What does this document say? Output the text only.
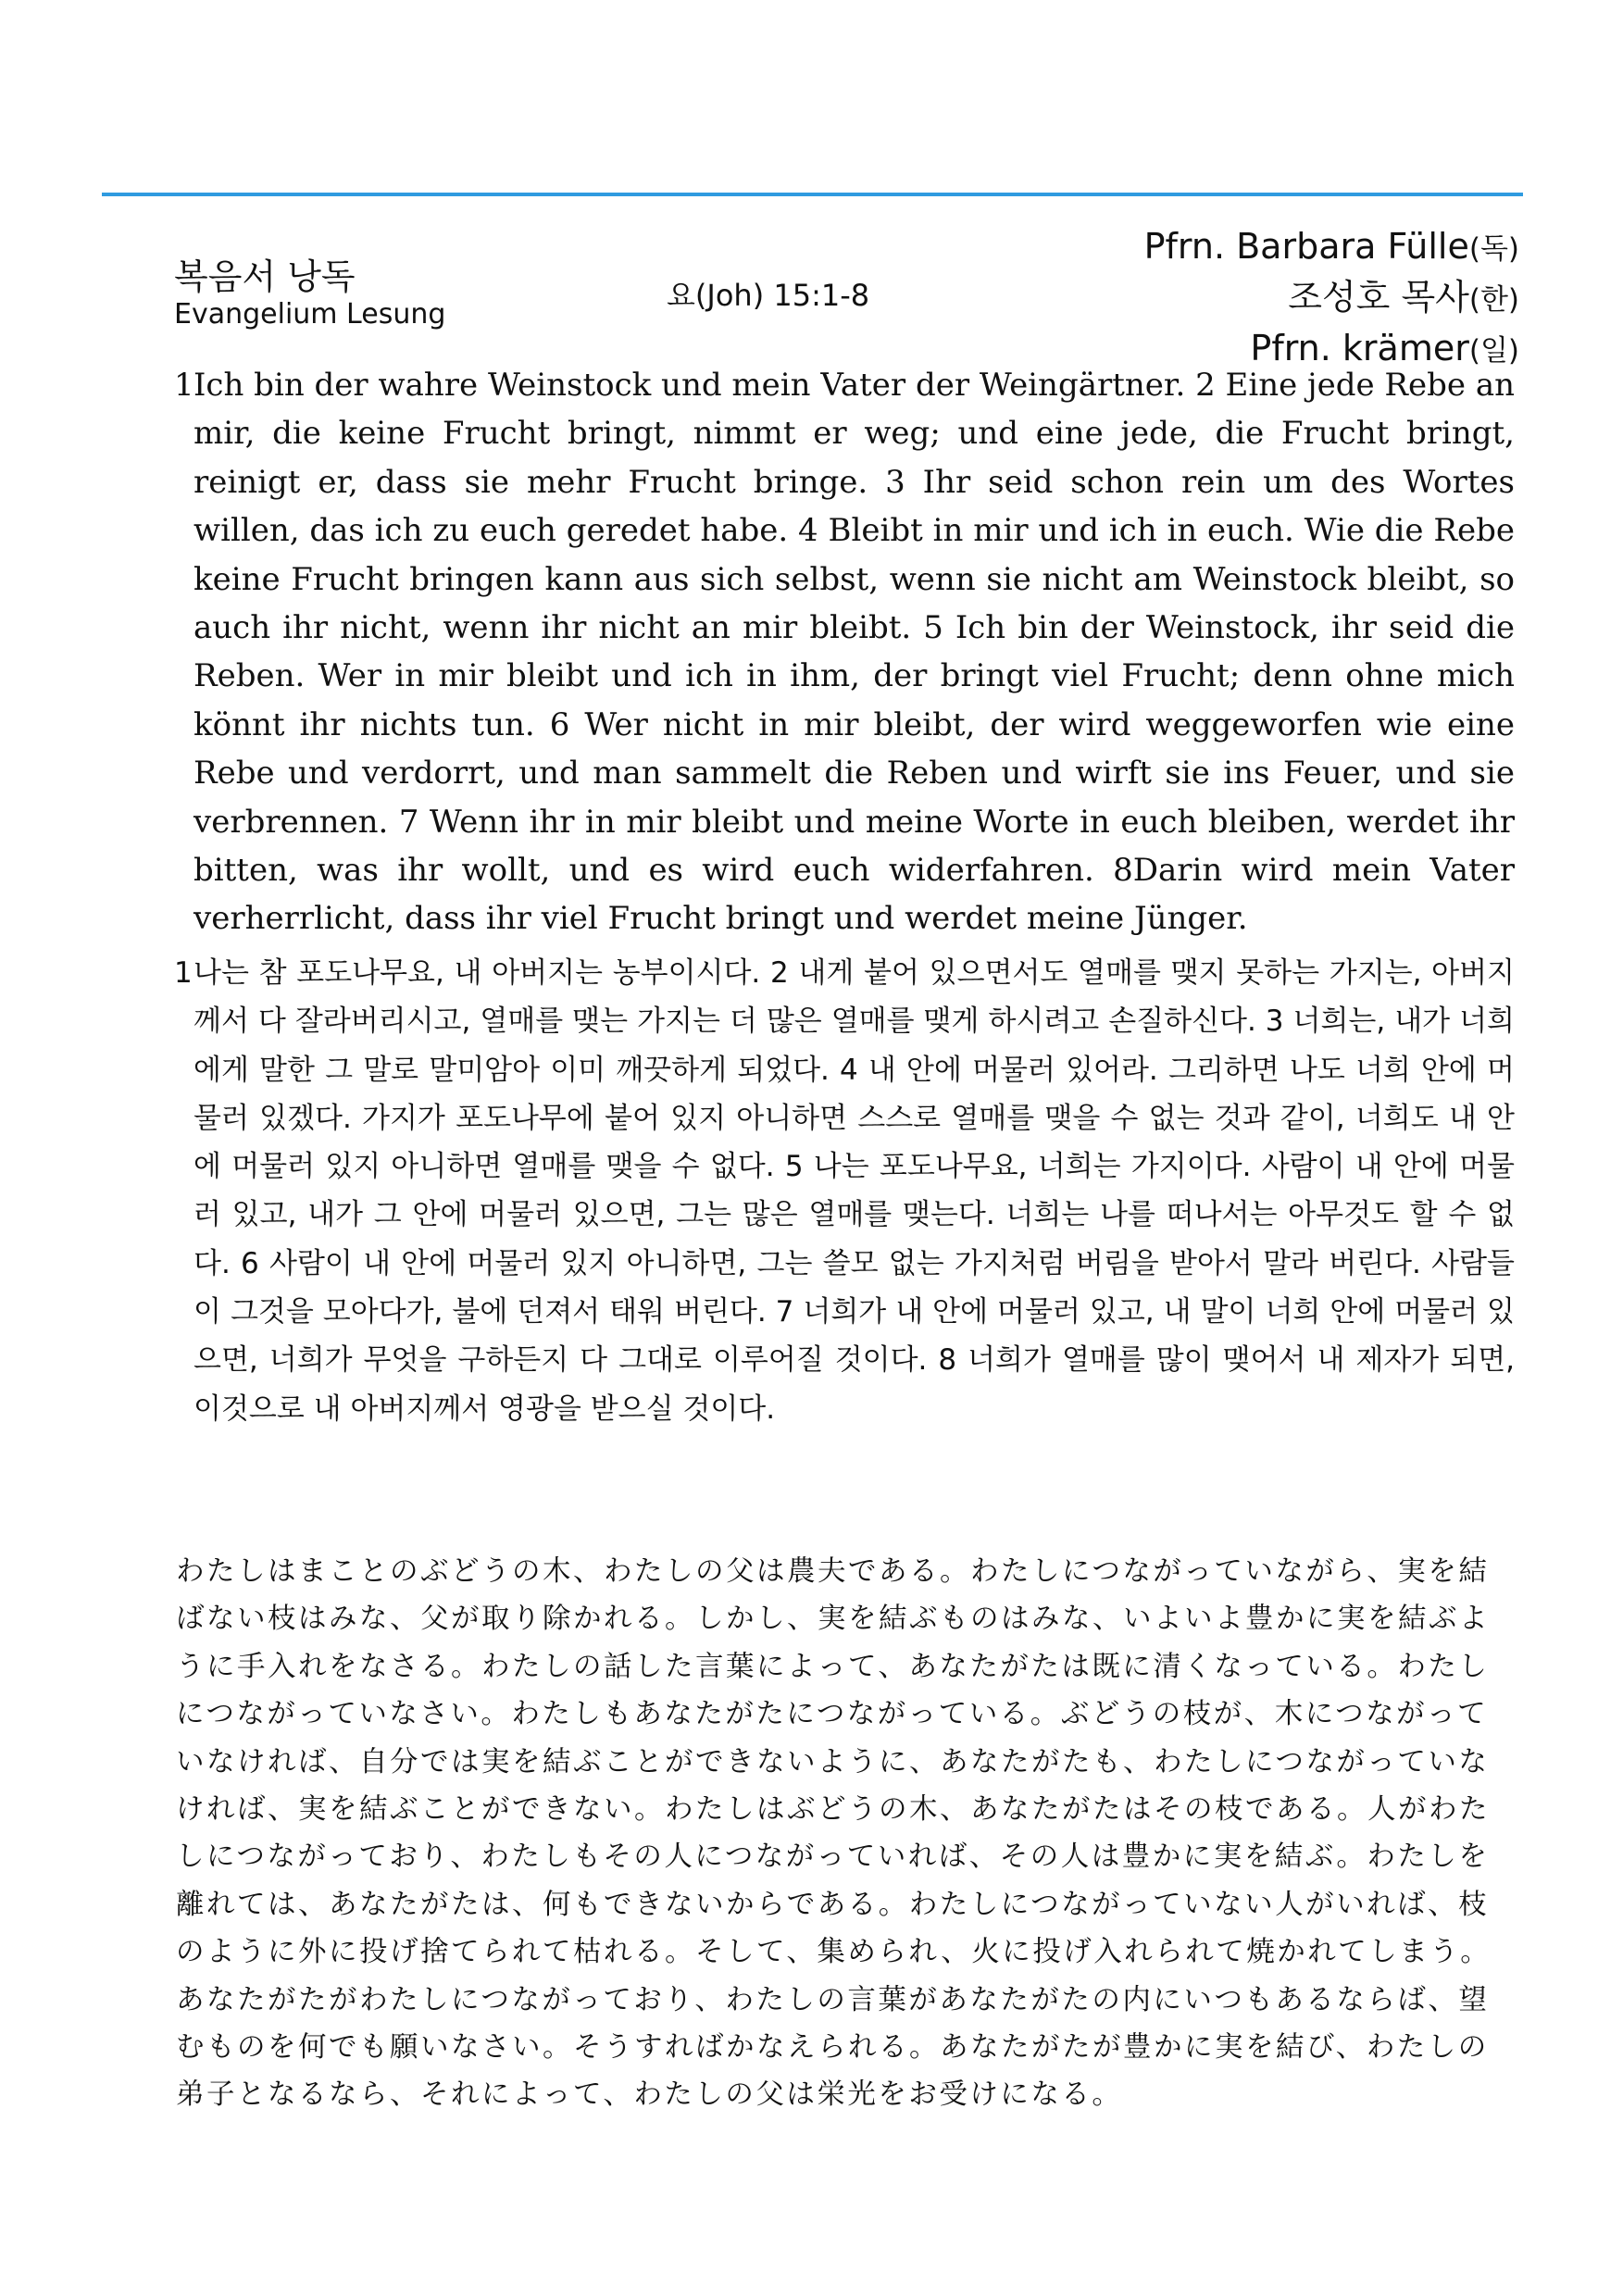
복음서 낭독
Evangelium Lesung
요(Joh) 15:1-8
Pfrn. Barbara Fülle(독)
조성호 목사(한)
Pfrn. krämer(일)
1 Ich bin der wahre Weinstock und mein Vater der Weingärtner. 2 Eine jede Rebe an mir, die keine Frucht bringt, nimmt er weg; und eine jede, die Frucht bringt, reinigt er, dass sie mehr Frucht bringe. 3 Ihr seid schon rein um des Wortes willen, das ich zu euch geredet habe. 4 Bleibt in mir und ich in euch. Wie die Rebe keine Frucht bringen kann aus sich selbst, wenn sie nicht am Weinstock bleibt, so auch ihr nicht, wenn ihr nicht an mir bleibt. 5 Ich bin der Weinstock, ihr seid die Reben. Wer in mir bleibt und ich in ihm, der bringt viel Frucht; denn ohne mich könnt ihr nichts tun. 6 Wer nicht in mir bleibt, der wird weggeworfen wie eine Rebe und verdorrt, und man sammelt die Reben und wirft sie ins Feuer, und sie verbrennen. 7 Wenn ihr in mir bleibt und meine Worte in euch bleiben, werdet ihr bitten, was ihr wollt, und es wird euch widerfahren. 8Darin wird mein Vater verherrlicht, dass ihr viel Frucht bringt und werdet meine Jünger.
1 나는 참 포도나무요, 내 아버지는 농부이시다. 2 내게 붙어 있으면서도 열매를 맺지 못하는 가지는, 아버지께서 다 잘라버리시고, 열매를 맺는 가지는 더 많은 열매를 맺게 하시려고 손질하신다. 3 너희는, 내가 너희에게 말한 그 말로 말미암아 이미 깨끗하게 되었다. 4 내 안에 머물러 있어라. 그리하면 나도 너희 안에 머물러 있겠다. 가지가 포도나무에 붙어 있지 아니하면 스스로 열매를 맺을 수 없는 것과 같이, 너희도 내 안에 머물러 있지 아니하면 열매를 맺을 수 없다. 5 나는 포도나무요, 너희는 가지이다. 사람이 내 안에 머물러 있고, 내가 그 안에 머물러 있으면, 그는 많은 열매를 맺는다. 너희는 나를 떠나서는 아무것도 할 수 없다. 6 사람이 내 안에 머물러 있지 아니하면, 그는 쓸모 없는 가지처럼 버림을 받아서 말라 버린다. 사람들이 그것을 모아다가, 불에 던져서 태워 버린다. 7 너희가 내 안에 머물러 있고, 내 말이 너희 안에 머물러 있으면, 너희가 무엇을 구하든지 다 그대로 이루어질 것이다. 8 너희가 열매를 많이 맺어서 내 제자가 되면, 이것으로 내 아버지께서 영광을 받으실 것이다.
わたしはまことのぶどうの木、わたしの父は農夫である。わたしにつながっていながら、実を結ばない枝はみな、父が取り除かれる。しかし、実を結ぶものはみな、いよいよ豊かに実を結ぶように手入れをなさる。わたしの話した言葉によって、あなたがたは既に清くなっている。わたしにつながっていなさい。わたしもあなたがたにつながっている。ぶどうの枝が、木につながっていなければ、自分では実を結ぶことができないように、あなたがたも、わたしにつながっていなければ、実を結ぶことができない。わたしはぶどうの木、あなたがたはその枝である。人がわたしにつながっており、わたしもその人につながっていれば、その人は豊かに実を結ぶ。わたしを離れては、あなたがたは、何もできないからである。わたしにつながっていない人がいれば、枝のように外に投げ捨てられて枯れる。そして、集められ、火に投げ入れられて焼かれてしまう。あなたがたがわたしにつながっており、わたしの言葉があなたがたの内にいつもあるならば、望むものを何でも願いなさい。そうすればかなえられる。あなたがたが豊かに実を結び、わたしの弟子となるなら、それによって、わたしの父は栄光をお受けになる。
